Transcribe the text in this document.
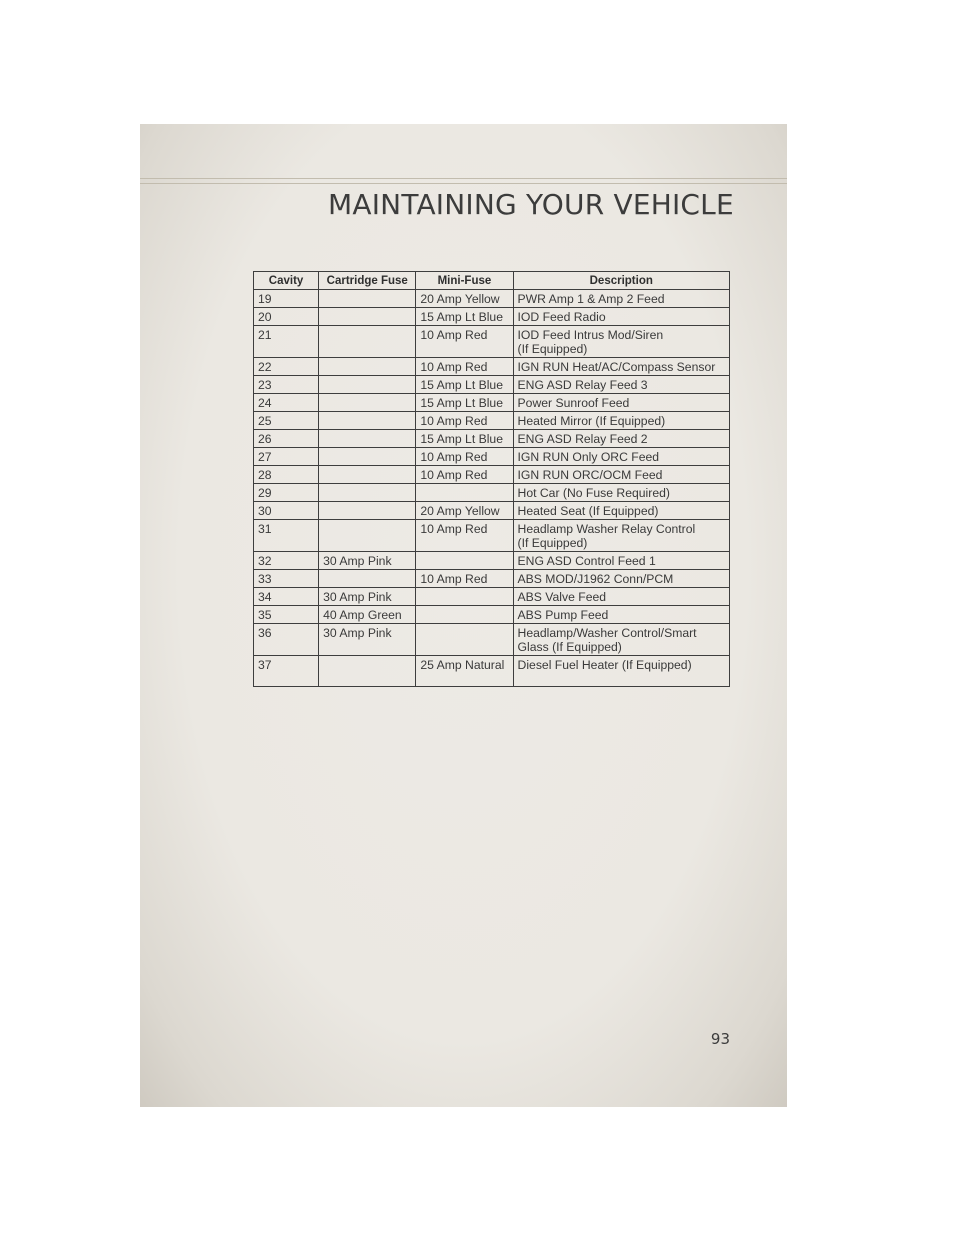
MAINTAINING YOUR VEHICLE
Cavity	Cartridge Fuse	Mini-Fuse	Description
19		20 Amp Yellow	PWR Amp 1 & Amp 2 Feed
20		15 Amp Lt Blue	IOD Feed Radio
21		10 Amp Red	IOD Feed Intrus Mod/Siren
(If Equipped)
22		10 Amp Red	IGN RUN Heat/AC/Compass Sensor
23		15 Amp Lt Blue	ENG ASD Relay Feed 3
24		15 Amp Lt Blue	Power Sunroof Feed
25		10 Amp Red	Heated Mirror (If Equipped)
26		15 Amp Lt Blue	ENG ASD Relay Feed 2
27		10 Amp Red	IGN RUN Only ORC Feed
28		10 Amp Red	IGN RUN ORC/OCM Feed
29			Hot Car (No Fuse Required)
30		20 Amp Yellow	Heated Seat (If Equipped)
31		10 Amp Red	Headlamp Washer Relay Control
(If Equipped)
32	30 Amp Pink		ENG ASD Control Feed 1
33		10 Amp Red	ABS MOD/J1962 Conn/PCM
34	30 Amp Pink		ABS Valve Feed
35	40 Amp Green		ABS Pump Feed
36	30 Amp Pink		Headlamp/Washer Control/Smart
Glass (If Equipped)
37		25 Amp Natural	Diesel Fuel Heater (If Equipped)
93
